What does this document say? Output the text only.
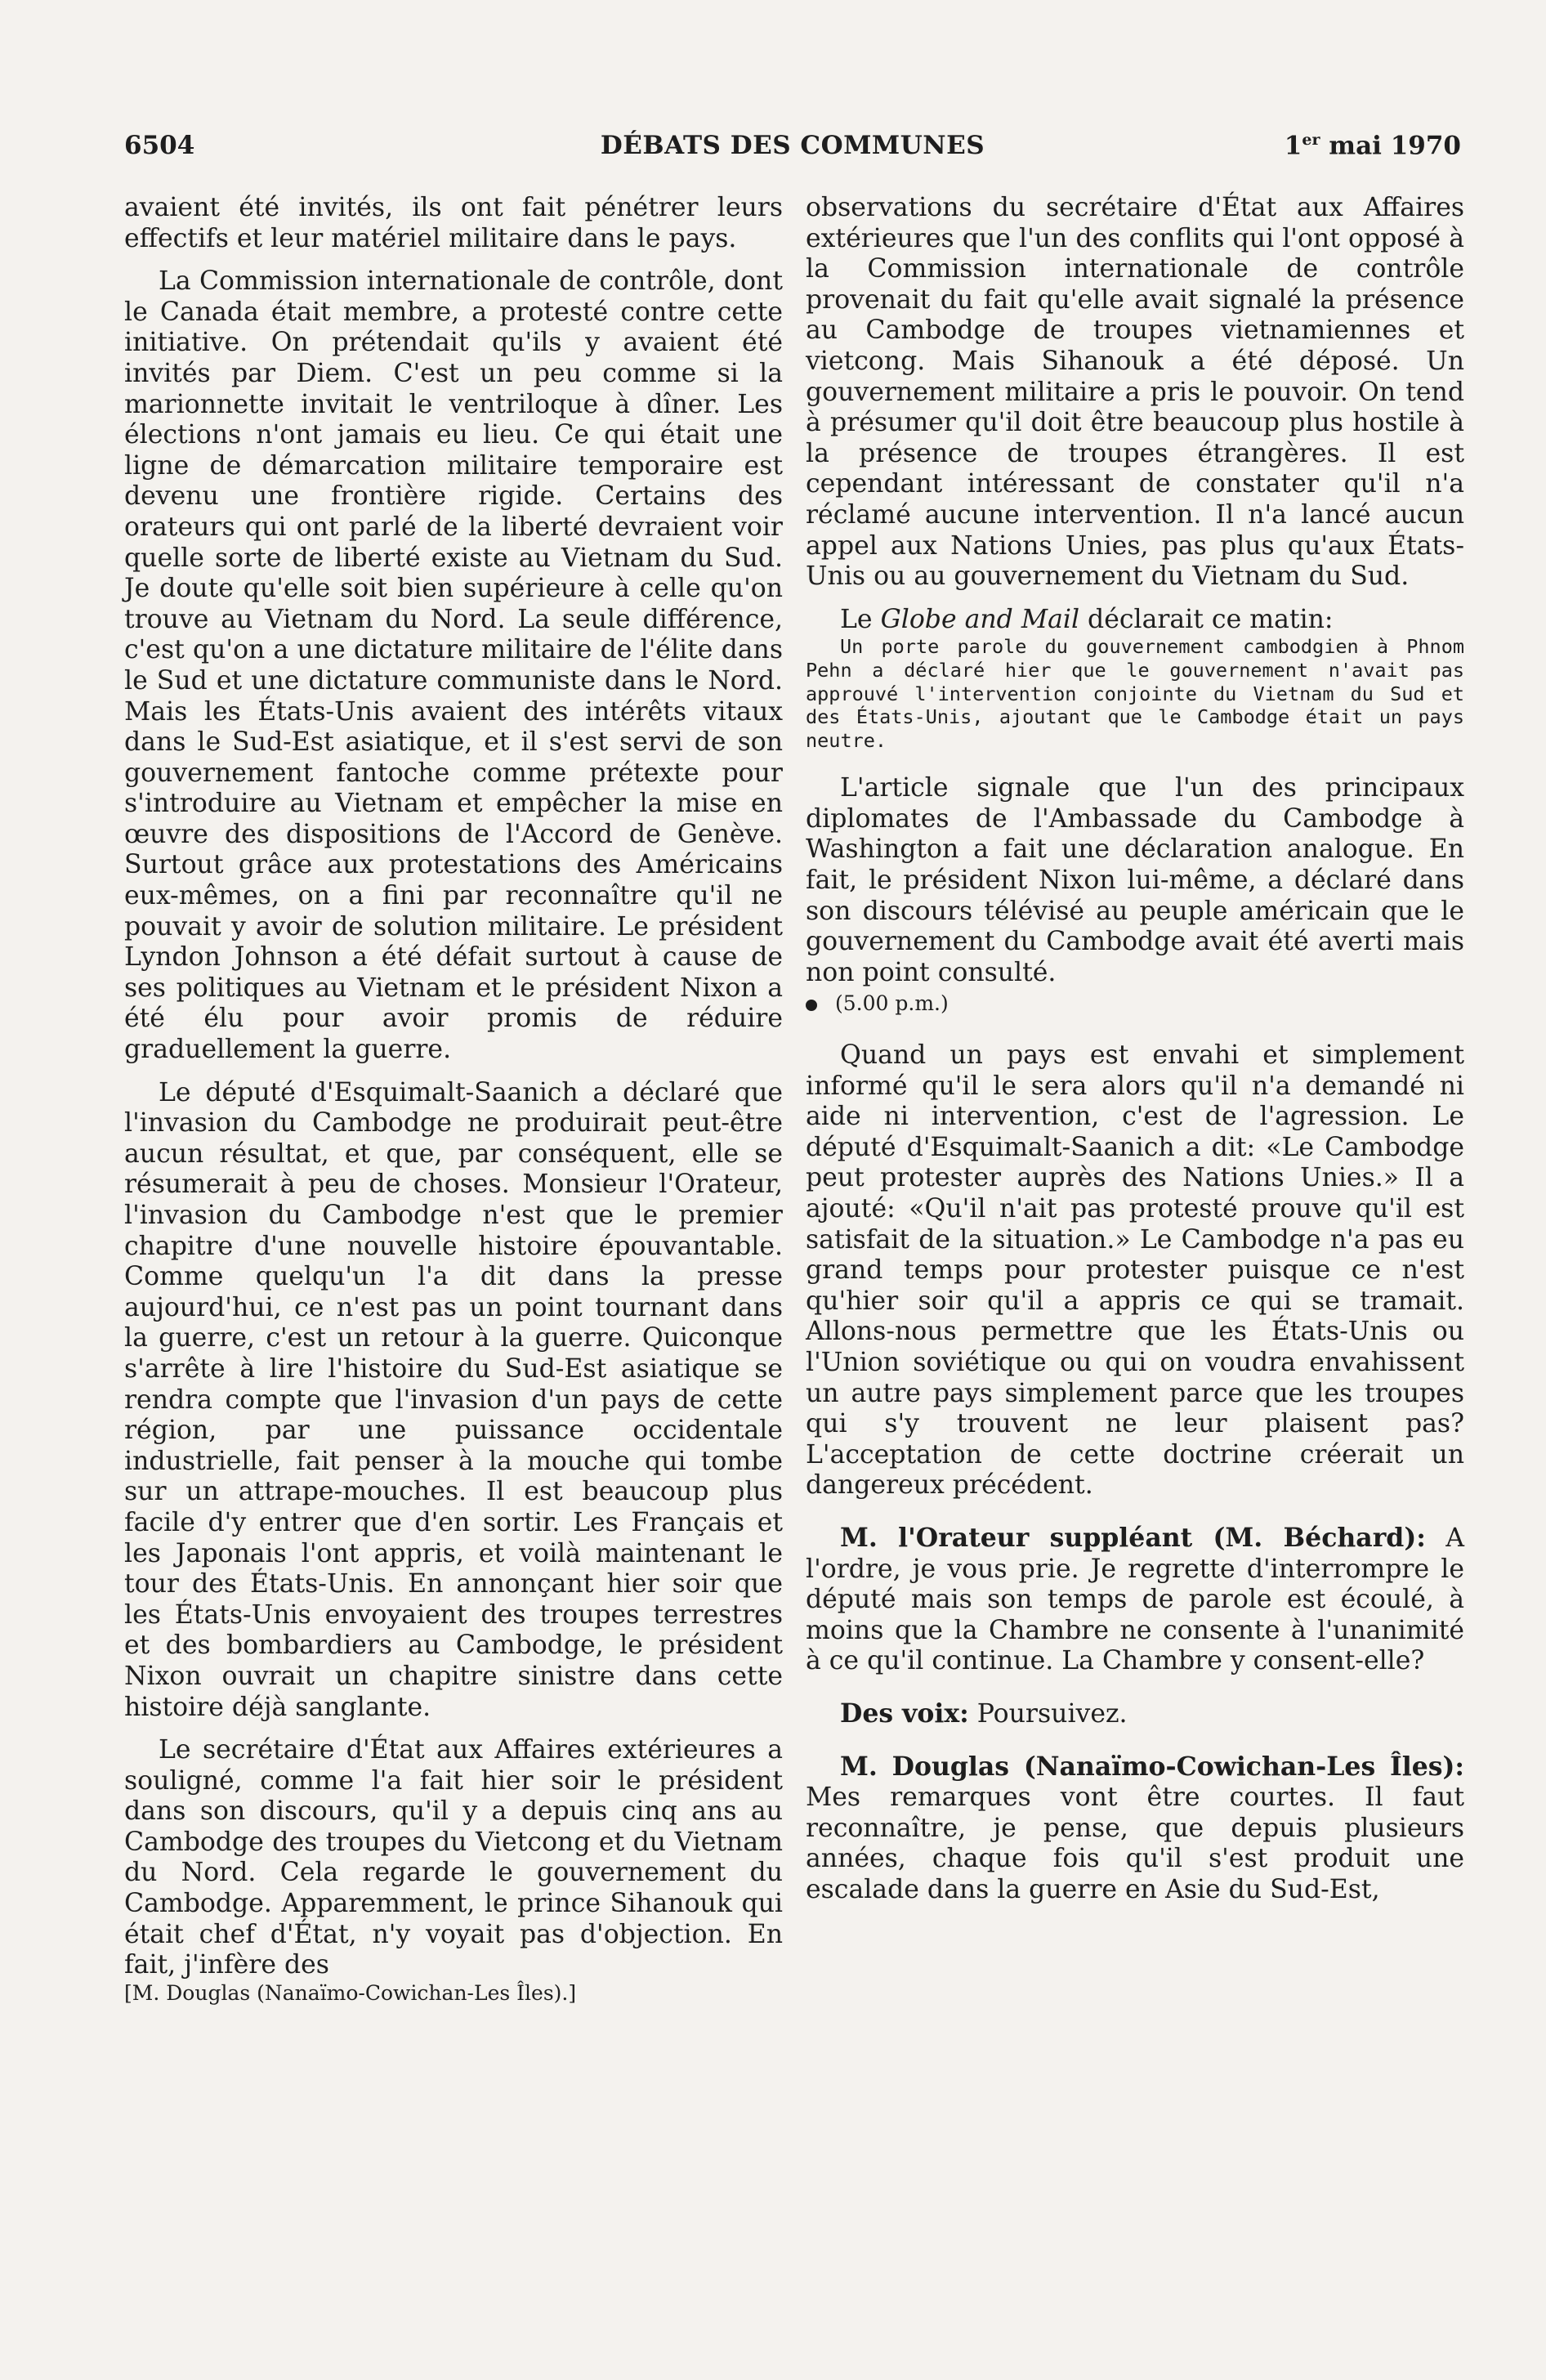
6504	DÉBATS DES COMMUNES	1er mai 1970

avaient été invités, ils ont fait pénétrer leurs effectifs et leur matériel militaire dans le pays.

La Commission internationale de contrôle, dont le Canada était membre, a protesté contre cette initiative. On prétendait qu'ils y avaient été invités par Diem. C'est un peu comme si la marionnette invitait le ventriloque à dîner. Les élections n'ont jamais eu lieu. Ce qui était une ligne de démarcation militaire temporaire est devenu une frontière rigide. Certains des orateurs qui ont parlé de la liberté devraient voir quelle sorte de liberté existe au Vietnam du Sud. Je doute qu'elle soit bien supérieure à celle qu'on trouve au Vietnam du Nord. La seule différence, c'est qu'on a une dictature militaire de l'élite dans le Sud et une dictature communiste dans le Nord. Mais les États-Unis avaient des intérêts vitaux dans le Sud-Est asiatique, et il s'est servi de son gouvernement fantoche comme prétexte pour s'introduire au Vietnam et empêcher la mise en œuvre des dispositions de l'Accord de Genève. Surtout grâce aux protestations des Américains eux-mêmes, on a fini par reconnaître qu'il ne pouvait y avoir de solution militaire. Le président Lyndon Johnson a été défait surtout à cause de ses politiques au Vietnam et le président Nixon a été élu pour avoir promis de réduire graduellement la guerre.

Le député d'Esquimalt-Saanich a déclaré que l'invasion du Cambodge ne produirait peut-être aucun résultat, et que, par conséquent, elle se résumerait à peu de choses. Monsieur l'Orateur, l'invasion du Cambodge n'est que le premier chapitre d'une nouvelle histoire épouvantable. Comme quelqu'un l'a dit dans la presse aujourd'hui, ce n'est pas un point tournant dans la guerre, c'est un retour à la guerre. Quiconque s'arrête à lire l'histoire du Sud-Est asiatique se rendra compte que l'invasion d'un pays de cette région, par une puissance occidentale industrielle, fait penser à la mouche qui tombe sur un attrape-mouches. Il est beaucoup plus facile d'y entrer que d'en sortir. Les Français et les Japonais l'ont appris, et voilà maintenant le tour des États-Unis. En annonçant hier soir que les États-Unis envoyaient des troupes terrestres et des bombardiers au Cambodge, le président Nixon ouvrait un chapitre sinistre dans cette histoire déjà sanglante.

Le secrétaire d'État aux Affaires extérieures a souligné, comme l'a fait hier soir le président dans son discours, qu'il y a depuis cinq ans au Cambodge des troupes du Vietcong et du Vietnam du Nord. Cela regarde le gouvernement du Cambodge. Apparemment, le prince Sihanouk qui était chef d'État, n'y voyait pas d'objection. En fait, j'infère des

[M. Douglas (Nanaïmo-Cowichan-Les Îles).]

observations du secrétaire d'État aux Affaires extérieures que l'un des conflits qui l'ont opposé à la Commission internationale de contrôle provenait du fait qu'elle avait signalé la présence au Cambodge de troupes vietnamiennes et vietcong. Mais Sihanouk a été déposé. Un gouvernement militaire a pris le pouvoir. On tend à présumer qu'il doit être beaucoup plus hostile à la présence de troupes étrangères. Il est cependant intéressant de constater qu'il n'a réclamé aucune intervention. Il n'a lancé aucun appel aux Nations Unies, pas plus qu'aux États-Unis ou au gouvernement du Vietnam du Sud.

Le Globe and Mail déclarait ce matin:

Un porte parole du gouvernement cambodgien à Phnom Pehn a déclaré hier que le gouvernement n'avait pas approuvé l'intervention conjointe du Vietnam du Sud et des États-Unis, ajoutant que le Cambodge était un pays neutre.

L'article signale que l'un des principaux diplomates de l'Ambassade du Cambodge à Washington a fait une déclaration analogue. En fait, le président Nixon lui-même, a déclaré dans son discours télévisé au peuple américain que le gouvernement du Cambodge avait été averti mais non point consulté.

(5.00 p.m.)

Quand un pays est envahi et simplement informé qu'il le sera alors qu'il n'a demandé ni aide ni intervention, c'est de l'agression. Le député d'Esquimalt-Saanich a dit: «Le Cambodge peut protester auprès des Nations Unies.» Il a ajouté: «Qu'il n'ait pas protesté prouve qu'il est satisfait de la situation.» Le Cambodge n'a pas eu grand temps pour protester puisque ce n'est qu'hier soir qu'il a appris ce qui se tramait. Allons-nous permettre que les États-Unis ou l'Union soviétique ou qui on voudra envahissent un autre pays simplement parce que les troupes qui s'y trouvent ne leur plaisent pas? L'acceptation de cette doctrine créerait un dangereux précédent.

M. l'Orateur suppléant (M. Béchard): A l'ordre, je vous prie. Je regrette d'interrompre le député mais son temps de parole est écoulé, à moins que la Chambre ne consente à l'unanimité à ce qu'il continue. La Chambre y consent-elle?

Des voix: Poursuivez.

M. Douglas (Nanaïmo-Cowichan-Les Îles): Mes remarques vont être courtes. Il faut reconnaître, je pense, que depuis plusieurs années, chaque fois qu'il s'est produit une escalade dans la guerre en Asie du Sud-Est,
